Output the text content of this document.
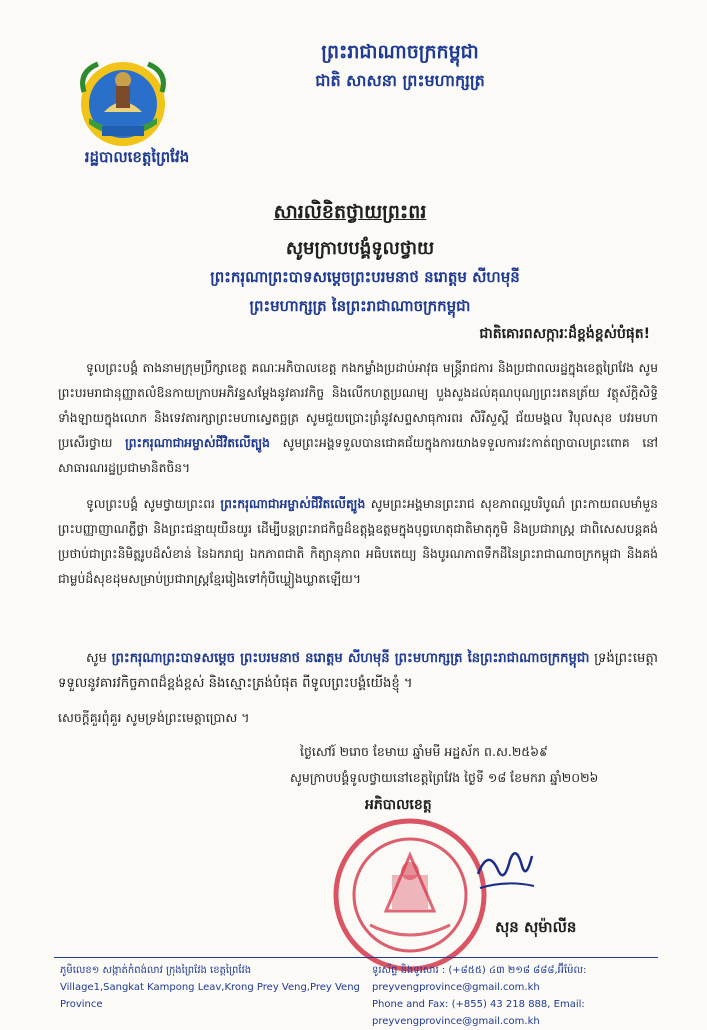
ព្រះរាជាណាចក្រកម្ពុជា
ជាតិ សាសនា ព្រះមហាក្សត្រ
រដ្ឋបាលខេត្តព្រៃវែង
សារលិខិតថ្វាយព្រះពរ
សូមក្រាបបង្គំទូលថ្វាយ
ព្រះករុណាព្រះបាទសម្តេចព្រះបរមនាថ នរោត្តម សីហមុនី
ព្រះមហាក្សត្រ នៃព្រះរាជាណាចក្រកម្ពុជា
ជាតិគោរពសក្ការៈដ៏ខ្ពង់ខ្ពស់បំផុត!
ទូលព្រះបង្គំ តាងនាមក្រុមប្រឹក្សាខេត្ត គណៈអភិបាលខេត្ត កងកម្លាំងប្រដាប់អាវុធ មន្ត្រីរាជការ និងប្រជាពលរដ្ឋក្នុងខេត្តព្រៃវែង សូមព្រះបរមរាជានុញ្ញាតលំឱនកាយក្រាបអភិវន្ទសម្តែងនូវគារវកិច្ច និងលើកហត្ថប្រណម្យ បួងសួងដល់គុណបុណ្យព្រះរតនត្រ័យ វត្ថុស័ក្តិសិទ្ធិទាំងឡាយក្នុងលោក និងទេវតារក្សាព្រះមហាស្វេតច្ឆត្រ សូមជួយប្រោះព្រំនូវសព្ទសាធុការពរ សិរីសួស្តី ជ័យមង្គល វិបុលសុខ បវរមហាប្រសើរថ្វាយ ព្រះករុណាជាអម្ចាស់ជីវិតលើត្បូង សូមព្រះអង្គទទួលបានជោគជ័យក្នុងការយាងទទួលការវះកាត់ព្យាបាលព្រះពោគ នៅសាធារណរដ្ឋប្រជាមានិតចិន។
ទូលព្រះបង្គំ សូមថ្វាយព្រះពរ ព្រះករុណាជាអម្ចាស់ជីវិតលើត្បូង សូមព្រះអង្គមានព្រះរាជ សុខភាពល្អបរិបូណ៌ ព្រះកាយពលមាំមួន ព្រះបញ្ញាញាណភ្លឺថ្លា និងព្រះជន្មាយុយឺនយូរ ដើម្បីបន្តព្រះរាជកិច្ចដ៏ឧត្តុង្គឧត្តមក្នុងបុព្វហេតុជាតិមាតុភូមិ និងប្រជារាស្ត្រ ជាពិសេសបន្តគង់ប្រថាប់ជាព្រះនិមិត្តរូបដ៏សំខាន់ នៃឯករាជ្យ ឯកភាពជាតិ កិត្យានុភាព អធិបតេយ្យ និងបូរណភាពទឹកដីនៃព្រះរាជាណាចក្រកម្ពុជា និងគង់ជាម្លប់ដ៏សុខដុមសម្រាប់ប្រជារាស្ត្រខ្មែររៀងទៅកុំបីឃ្លៀងឃ្លាតឡើយ។
សូម ព្រះករុណាព្រះបាទសម្តេច ព្រះបរមនាថ នរោត្តម សីហមុនី ព្រះមហាក្សត្រ នៃព្រះរាជាណាចក្រកម្ពុជា ទ្រង់ព្រះមេត្តាទទួលនូវគារវកិច្ចភាពដ៏ខ្ពង់ខ្ពស់ និងស្មោះត្រង់បំផុត ពីទូលព្រះបង្គំយើងខ្ញុំ ។
សេចក្តីគួរពុំគួរ សូមទ្រង់ព្រះមេត្តាប្រោស ។
ថ្ងៃសៅរ៍ ២រោច ខែមាឃ ឆ្នាំមមី អដ្ឋស័ក ព.ស.២៥៦៩
សូមក្រាបបង្គំទូលថ្វាយនៅខេត្តព្រៃវែង ថ្ងៃទី ១៨ ខែមករា ឆ្នាំ២០២៦
អភិបាលខេត្ត
សុន សុម៉ាលីន
ភូមិលេខ១ សង្កាត់កំពង់លាវ ក្រុងព្រៃវែង ខេត្តព្រៃវែង
Village1,Sangkat Kampong Leav,Krong Prey Veng,Prey Veng Province
ទូរស័ព្ទ និងទូរសារ : (+៨៥៥) ៤៣ ២១៨ ៨៨៨,អ៊ីម៉ែល: preyvengprovince@gmail.com.kh
Phone and Fax: (+855) 43 218 888, Email: preyvengprovince@gmail.com.kh
